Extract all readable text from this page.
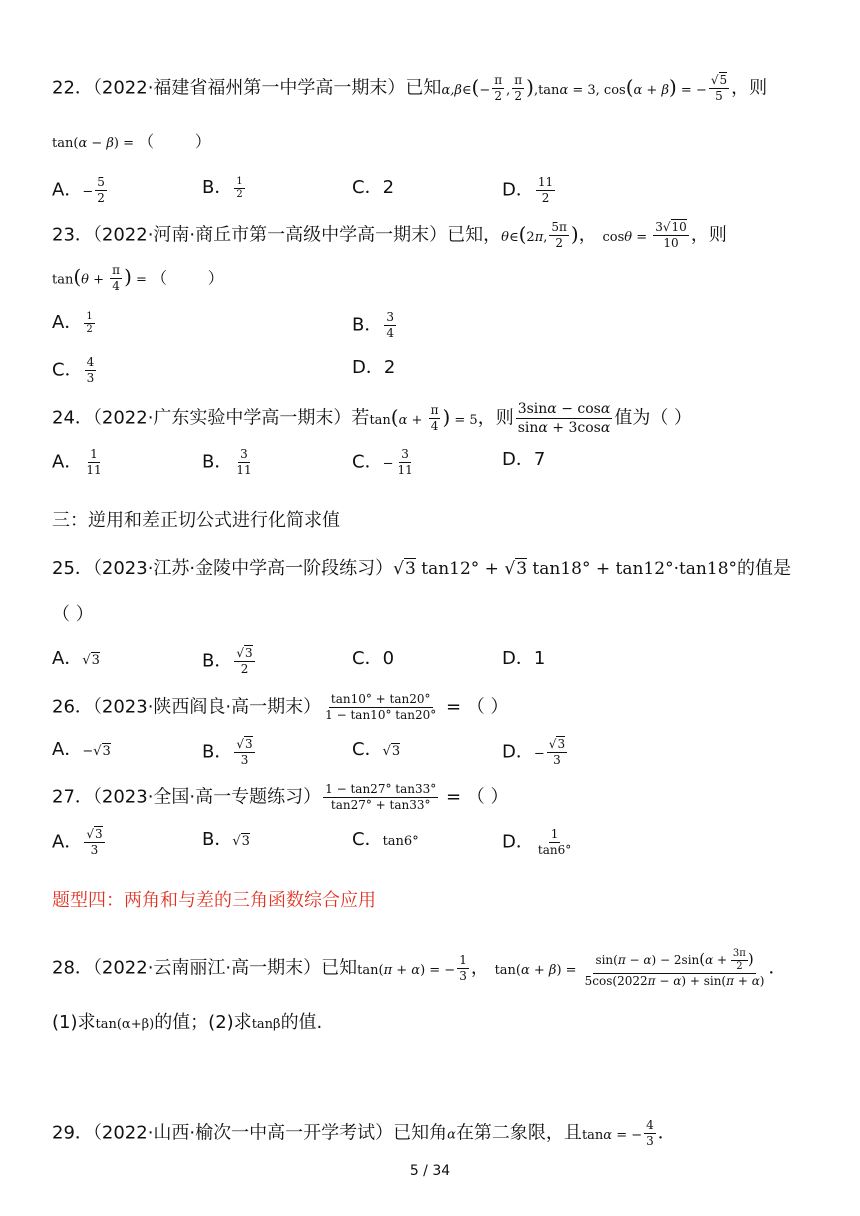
22．（2022·福建省福州第一中学高一期末）已知α,β∈(− $\frac{\pi}{2}$ , $\frac{\pi}{2} ),\tan\alpha = 3$, cos(α + β) = − $\frac{√5}{5}$ ，则
tan(α − β) = （        ）
A．− $\frac{5}{2}$	B． $\frac{1}{2}$	C．2	D． $\frac{11}{2}$
23．（2022·河南·商丘市第一高级中学高一期末）已知，θ∈(2π, $\frac{5\pi}{2}$ )， $\cos\theta = \frac{3√10}{10}$ ，则
$\tan(\theta + \frac{\pi}{4}$ ) = （        ）
A． $\frac{1}{2}$	B． $\frac{3}{4}$
C． $\frac{4}{3}$	D．2
24．（2022·广东实验中学高一期末）若$\tan(\alpha + \frac{\pi}{4}$ ) = 5，则 $\frac{3\sin\alpha - \cos\alpha}{\sin\alpha + 3\cos\alpha}$ 值为（ ）
A． $\frac{1}{11}$	B． $\frac{3}{11}$	C．− $\frac{3}{11}$	D．7
三：逆用和差正切公式进行化简求值
25．（2023·江苏·金陵中学高一阶段练习）√3 tan12° + √3 tan18° + tan12°·tan18°的值是
（ ）
A．√3	B． $\frac{√3}{2}$	C．0	D．1
26．（2023·陕西阎良·高一期末） $\frac{\tan 10^\circ + \tan 20^\circ}{1 - \tan 10^\circ \tan 20^\circ}$ = （ ）
A．−√3	B． $\frac{√3}{3}$	C．√3	D．− $\frac{√3}{3}$
27．（2023·全国·高一专题练习） $\frac{1 - \tan 27^\circ \tan 33^\circ}{\tan 27^\circ + \tan 33^\circ}$ = （ ）
A． $\frac{√3}{3}$	B．√3	C．tan6°	D． $\frac{1}{\tan 6^\circ}$
题型四：两角和与差的三角函数综合应用
28．（2022·云南丽江·高一期末）已知tan(π + α) = − $\frac{1}{3}$ ， $\tan(\alpha + \beta) = \frac{\sin(\pi - \alpha) - 2\sin(\alpha + \frac{3\pi}{2} )}{5\cos(2022\pi - \alpha) + \sin(\pi + \alpha)}$ ．
(1)求tan(α+β)的值；(2)求tanβ的值.
29．（2022·山西·榆次一中高一开学考试）已知角α在第二象限，且tanα = − $\frac{4}{3}$ ．
5 / 34
